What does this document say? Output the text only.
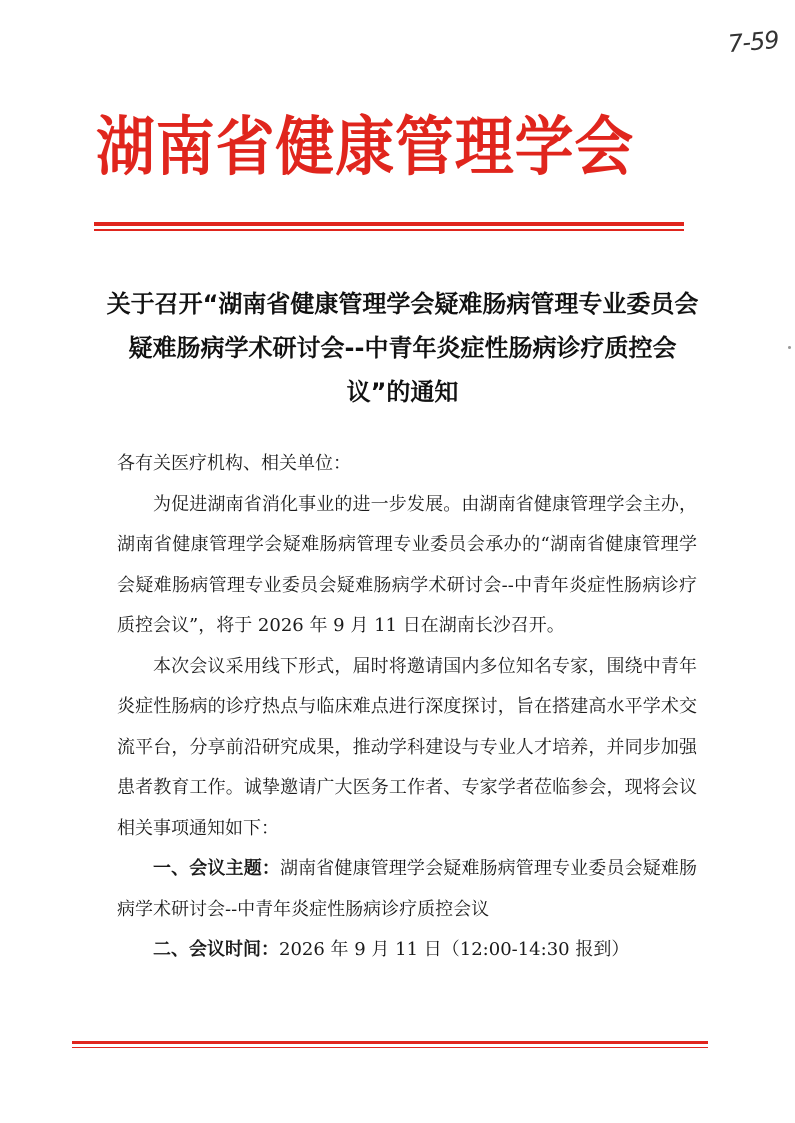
7-59
湖南省健康管理学会
关于召开“湖南省健康管理学会疑难肠病管理专业委员会疑难肠病学术研讨会--中青年炎症性肠病诊疗质控会议”的通知

各有关医疗机构、相关单位：

为促进湖南省消化事业的进一步发展。由湖南省健康管理学会主办，湖南省健康管理学会疑难肠病管理专业委员会承办的“湖南省健康管理学会疑难肠病管理专业委员会疑难肠病学术研讨会--中青年炎症性肠病诊疗质控会议”，将于 2026 年 9 月 11 日在湖南长沙召开。

本次会议采用线下形式，届时将邀请国内多位知名专家，围绕中青年炎症性肠病的诊疗热点与临床难点进行深度探讨，旨在搭建高水平学术交流平台，分享前沿研究成果，推动学科建设与专业人才培养，并同步加强患者教育工作。诚挚邀请广大医务工作者、专家学者莅临参会，现将会议相关事项通知如下：

一、会议主题：湖南省健康管理学会疑难肠病管理专业委员会疑难肠病学术研讨会--中青年炎症性肠病诊疗质控会议

二、会议时间：2026 年 9 月 11 日（12:00-14:30 报到）
